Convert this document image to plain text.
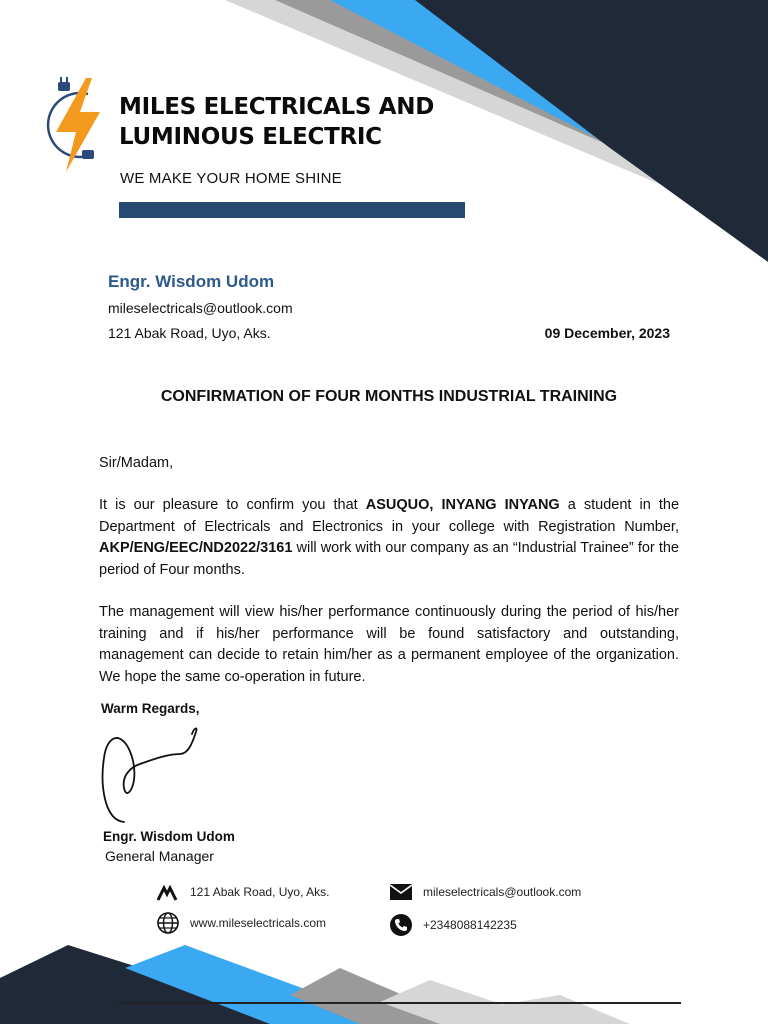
MILES ELECTRICALS AND
LUMINOUS ELECTRIC
WE MAKE YOUR HOME SHINE
Engr. Wisdom Udom
mileselectricals@outlook.com
121 Abak Road, Uyo, Aks.	09 December, 2023
CONFIRMATION OF FOUR MONTHS INDUSTRIAL TRAINING
Sir/Madam,
It is our pleasure to confirm you that ASUQUO, INYANG INYANG a student in the Department of Electricals and Electronics in your college with Registration Number, AKP/ENG/EEC/ND2022/3161 will work with our company as an “Industrial Trainee” for the period of Four months.
The management will view his/her performance continuously during the period of his/her training and if his/her performance will be found satisfactory and outstanding, management can decide to retain him/her as a permanent employee of the organization. We hope the same co-operation in future.
Warm Regards,
Engr. Wisdom Udom
General Manager
121 Abak Road, Uyo, Aks.
www.mileselectricals.com
mileselectricals@outlook.com
+2348088142235
